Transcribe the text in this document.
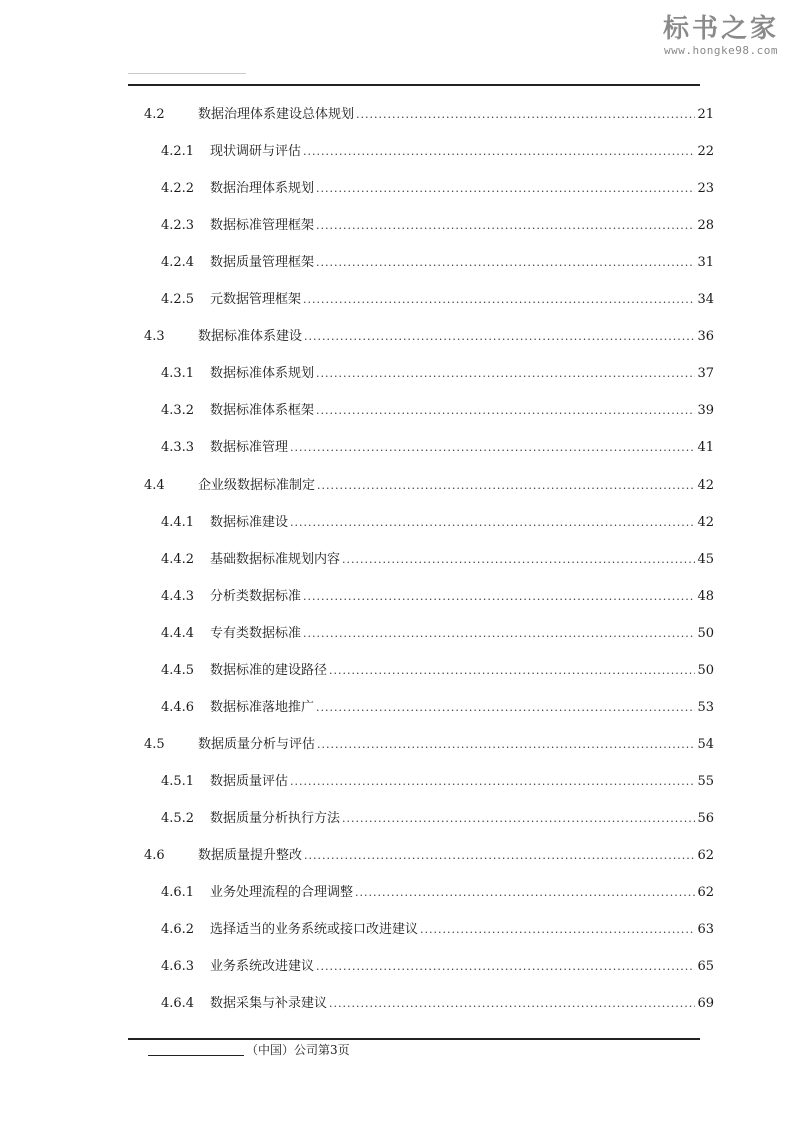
标书之家
www.hongke98.com
4.2	数据治理体系建设总体规划 .....	21
4.2.1 现状调研与评估 .....	22
4.2.2 数据治理体系规划 .....	23
4.2.3 数据标准管理框架 .....	28
4.2.4 数据质量管理框架 .....	31
4.2.5 元数据管理框架 .....	34
4.3	数据标准体系建设 .....	36
4.3.1 数据标准体系规划 .....	37
4.3.2 数据标准体系框架 .....	39
4.3.3 数据标准管理 .....	41
4.4	企业级数据标准制定 .....	42
4.4.1 数据标准建设 .....	42
4.4.2 基础数据标准规划内容 .....	45
4.4.3 分析类数据标准 .....	48
4.4.4 专有类数据标准 .....	50
4.4.5 数据标准的建设路径 .....	50
4.4.6 数据标准落地推广 .....	53
4.5	数据质量分析与评估 .....	54
4.5.1 数据质量评估 .....	55
4.5.2 数据质量分析执行方法 .....	56
4.6	数据质量提升整改 .....	62
4.6.1 业务处理流程的合理调整 .....	62
4.6.2 选择适当的业务系统或接口改进建议 .....	63
4.6.3 业务系统改进建议 .....	65
4.6.4 数据采集与补录建议 .....	69
（中国）公司第3页
